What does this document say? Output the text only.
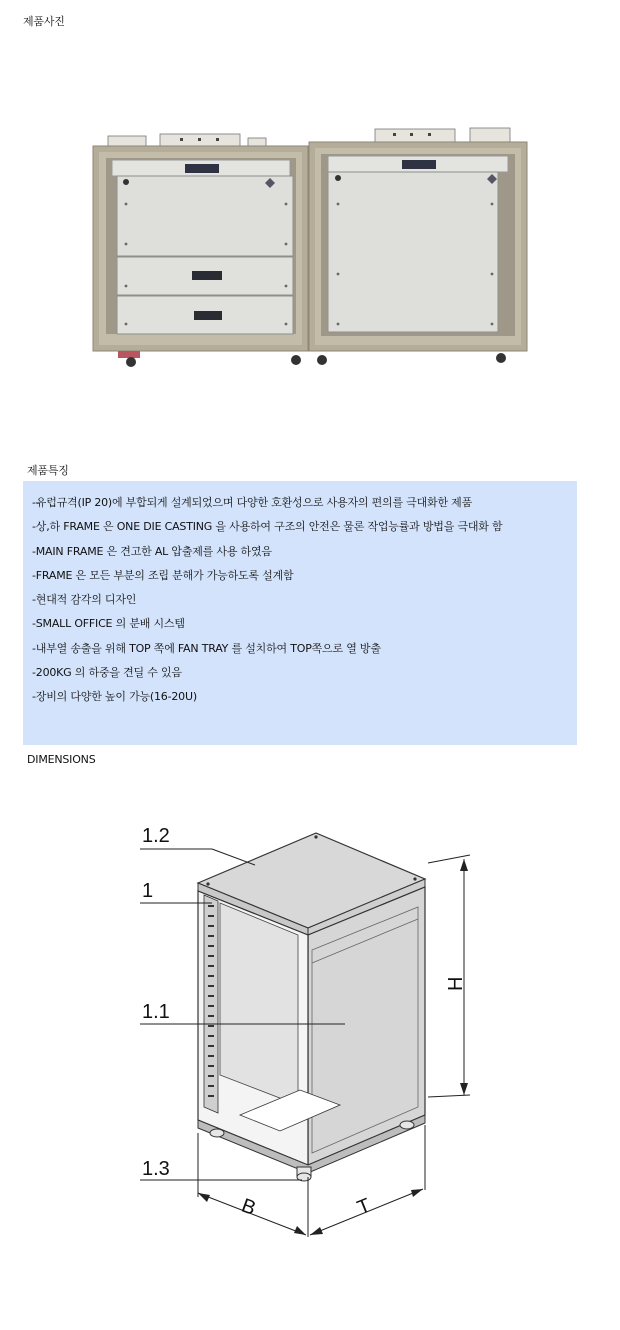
제품사진
제품특징
-유럽규격(IP 20)에 부합되게 설계되었으며 다양한 호환성으로 사용자의 편의를 극대화한 제품
-상,하 FRAME 은 ONE DIE CASTING 을 사용하여 구조의 안전은 물론 작업능률과 방법을 극대화 함
-MAIN FRAME 은 견고한 AL 압출제를 사용 하였음
-FRAME 은 모든 부분의 조립 분해가 가능하도록 설계함
-현대적 감각의 디자인
-SMALL OFFICE 의 분배 시스템
-내부열 송출을 위해 TOP 쪽에 FAN TRAY 를 설치하여 TOP쪽으로 열 방출
-200KG 의 하중을 견딜 수 있음
-장비의 다양한 높이 가능(16-20U)
DIMENSIONS
1.2
1
1.1
1.3
H
B	T
